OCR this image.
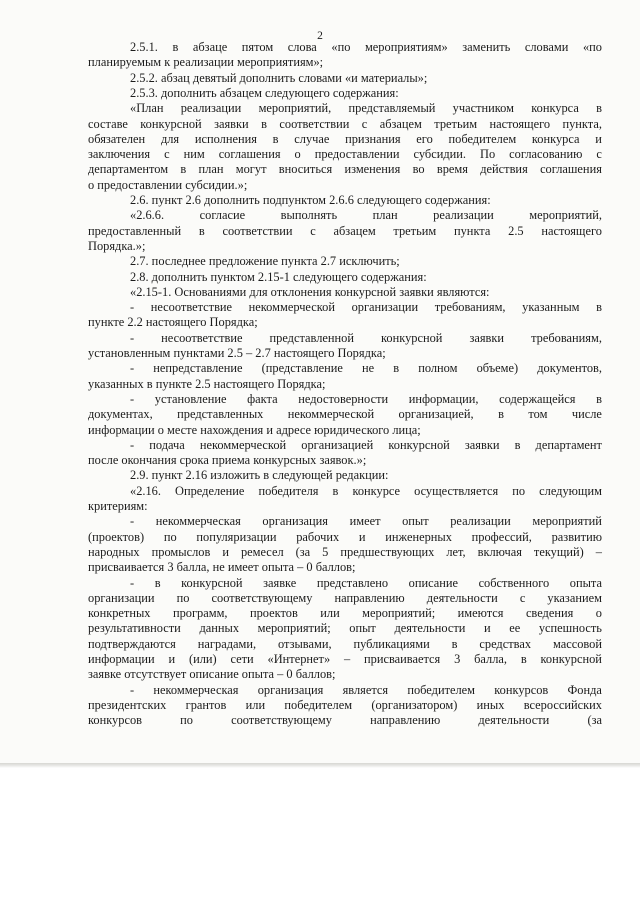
2
2.5.1. в абзаце пятом слова «по мероприятиям» заменить словами «по
планируемым к реализации мероприятиям»;
2.5.2. абзац девятый дополнить словами «и материалы»;
2.5.3. дополнить абзацем следующего содержания:
«План реализации мероприятий, представляемый участником конкурса в
составе конкурсной заявки в соответствии с абзацем третьим настоящего пункта,
обязателен для исполнения в случае признания его победителем конкурса и
заключения с ним соглашения о предоставлении субсидии. По согласованию с
департаментом в план могут вноситься изменения во время действия соглашения
о предоставлении субсидии.»;
2.6. пункт 2.6 дополнить подпунктом 2.6.6 следующего содержания:
«2.6.6.	согласие	выполнять	план	реализации	мероприятий,
предоставленный в соответствии с абзацем третьим пункта 2.5 настоящего
Порядка.»;
2.7. последнее предложение пункта 2.7 исключить;
2.8. дополнить пунктом 2.15-1 следующего содержания:
«2.15-1. Основаниями для отклонения конкурсной заявки являются:
- несоответствие некоммерческой организации требованиям, указанным в
пункте 2.2 настоящего Порядка;
- несоответствие представленной конкурсной заявки требованиям,
установленным пунктами 2.5 – 2.7 настоящего Порядка;
- непредставление (представление не в полном объеме) документов,
указанных в пункте 2.5 настоящего Порядка;
- установление факта недостоверности информации, содержащейся в
документах, представленных некоммерческой организацией, в том числе
информации о месте нахождения и адресе юридического лица;
- подача некоммерческой организацией конкурсной заявки в департамент
после окончания срока приема конкурсных заявок.»;
2.9. пункт 2.16 изложить в следующей редакции:
«2.16. Определение победителя в конкурсе осуществляется по следующим
критериям:
- некоммерческая организация имеет опыт реализации мероприятий
(проектов) по популяризации рабочих и инженерных профессий, развитию
народных промыслов и ремесел (за 5 предшествующих лет, включая текущий) –
присваивается 3 балла, не имеет опыта – 0 баллов;
- в конкурсной заявке представлено описание собственного опыта
организации по соответствующему направлению деятельности с указанием
конкретных программ, проектов или мероприятий; имеются сведения о
результативности данных мероприятий; опыт деятельности и ее успешность
подтверждаются наградами, отзывами, публикациями в средствах массовой
информации и (или) сети «Интернет» – присваивается 3 балла, в конкурсной
заявке отсутствует описание опыта – 0 баллов;
- некоммерческая организация является победителем конкурсов Фонда
президентских грантов или победителем (организатором) иных всероссийских
конкурсов	по	соответствующему	направлению	деятельности	(за
